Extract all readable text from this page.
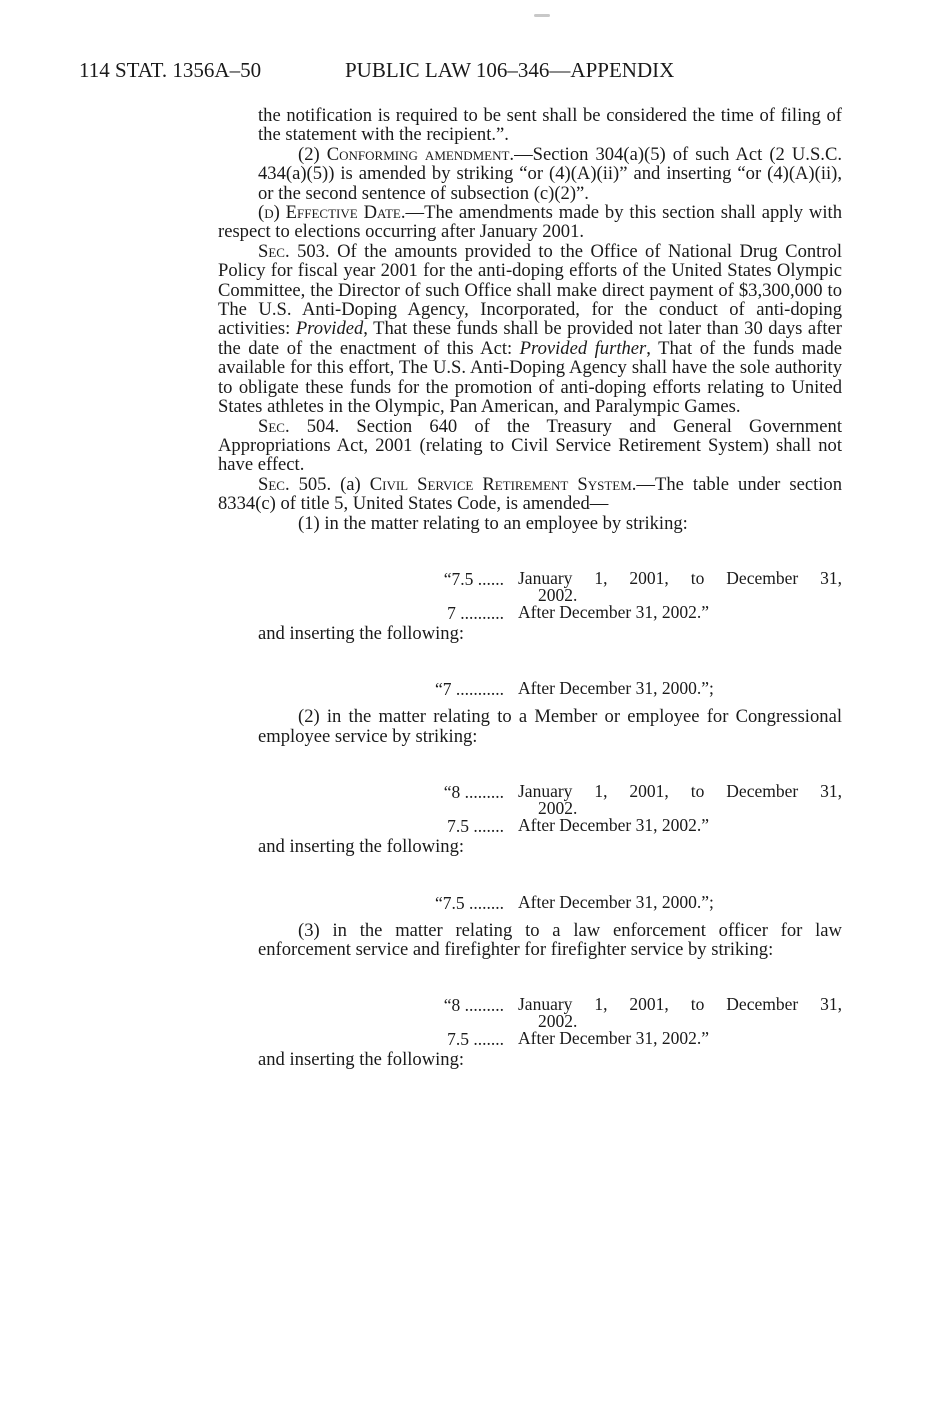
114 STAT. 1356A–50	PUBLIC LAW 106–346—APPENDIX

the notification is required to be sent shall be considered the time of filing of the statement with the recipient.”.

(2) Conforming amendment.—Section 304(a)(5) of such Act (2 U.S.C. 434(a)(5)) is amended by striking “or (4)(A)(ii)” and inserting “or (4)(A)(ii), or the second sentence of subsection (c)(2)”.

(d) Effective Date.—The amendments made by this section shall apply with respect to elections occurring after January 2001.

Sec. 503. Of the amounts provided to the Office of National Drug Control Policy for fiscal year 2001 for the anti-doping efforts of the United States Olympic Committee, the Director of such Office shall make direct payment of $3,300,000 to The U.S. Anti-Doping Agency, Incorporated, for the conduct of anti-doping activities: Provided, That these funds shall be provided not later than 30 days after the date of the enactment of this Act: Provided further, That of the funds made available for this effort, The U.S. Anti-Doping Agency shall have the sole authority to obligate these funds for the promotion of anti-doping efforts relating to United States athletes in the Olympic, Pan American, and Paralympic Games.

Sec. 504. Section 640 of the Treasury and General Government Appropriations Act, 2001 (relating to Civil Service Retirement System) shall not have effect.

Sec. 505. (a) Civil Service Retirement System.—The table under section 8334(c) of title 5, United States Code, is amended—

(1) in the matter relating to an employee by striking:

“7.5 ...... January 1, 2001, to December 31,
2002.
7 .......... After December 31, 2002.”

and inserting the following:

“7 ........... After December 31, 2000.”;

(2) in the matter relating to a Member or employee for Congressional employee service by striking:

“8 ......... January 1, 2001, to December 31,
2002.
7.5 ....... After December 31, 2002.”

and inserting the following:

“7.5 ........ After December 31, 2000.”;

(3) in the matter relating to a law enforcement officer for law enforcement service and firefighter for firefighter service by striking:

“8 ......... January 1, 2001, to December 31,
2002.
7.5 ....... After December 31, 2002.”

and inserting the following:
